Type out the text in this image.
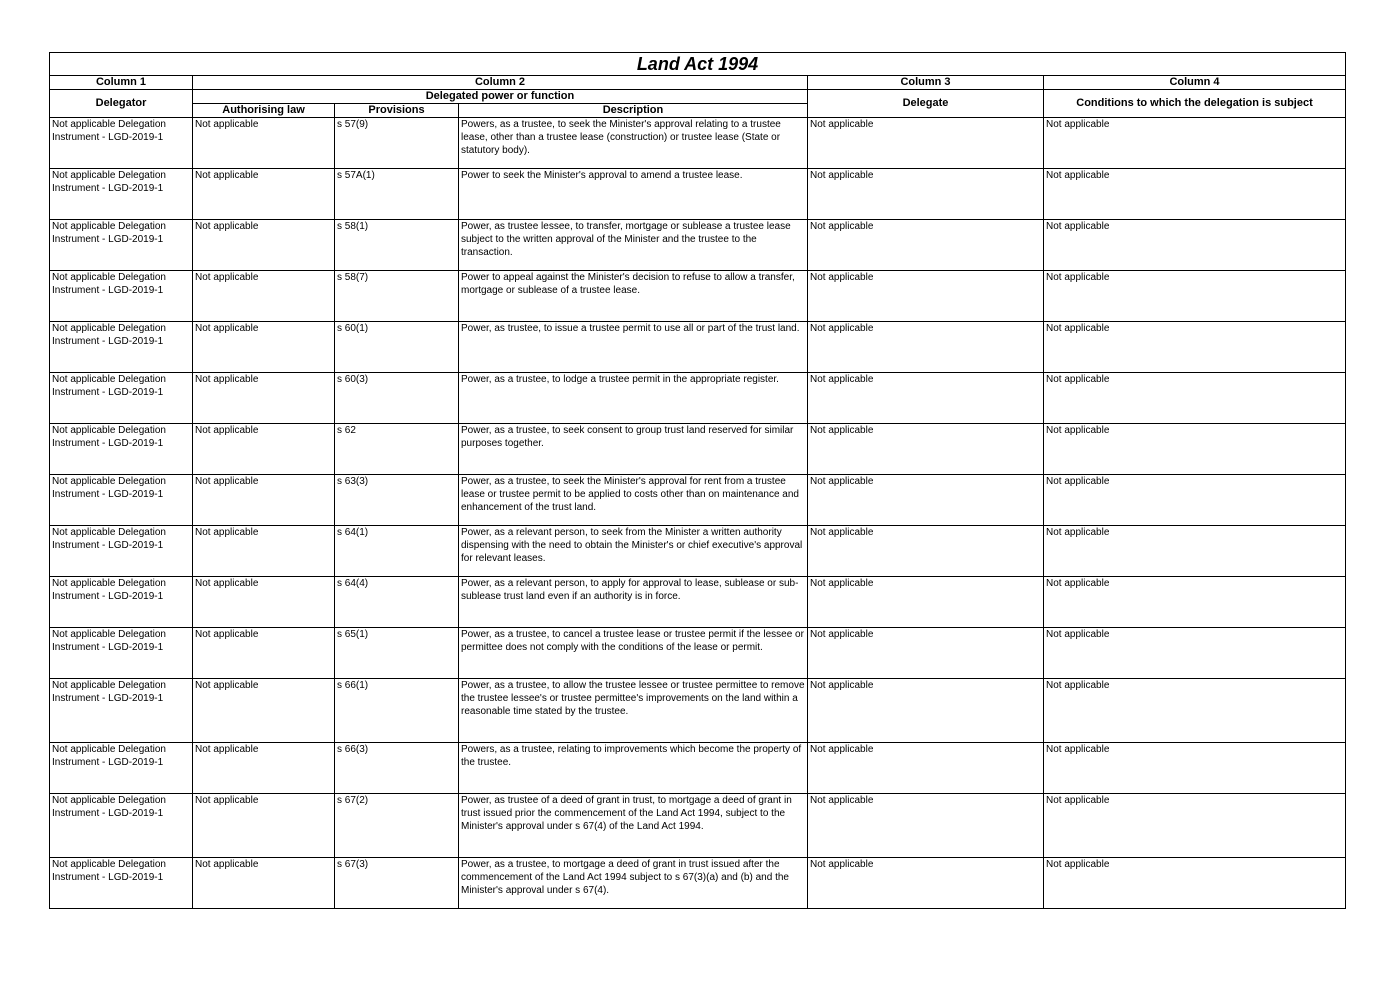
Land Act 1994					
Column 1	Column 2			Column 3	Column 4
Delegator	Delegated power or function			Delegate	Conditions to which the delegation is subject
	Authorising law	Provisions	Description		
Not applicable Delegation Instrument - LGD-2019-1	Not applicable	s 57(9)	Powers, as a trustee, to seek the Minister's approval relating to a trustee lease, other than a trustee lease (construction) or trustee lease (State or statutory body).	Not applicable	Not applicable
Not applicable Delegation Instrument - LGD-2019-1	Not applicable	s 57A(1)	Power to seek the Minister's approval to amend a trustee lease.	Not applicable	Not applicable
Not applicable Delegation Instrument - LGD-2019-1	Not applicable	s 58(1)	Power, as trustee lessee, to transfer, mortgage or sublease a trustee lease subject to the written approval of the Minister and the trustee to the transaction.	Not applicable	Not applicable
Not applicable Delegation Instrument - LGD-2019-1	Not applicable	s 58(7)	Power to appeal against the Minister's decision to refuse to allow a transfer, mortgage or sublease of a trustee lease.	Not applicable	Not applicable
Not applicable Delegation Instrument - LGD-2019-1	Not applicable	s 60(1)	Power, as trustee, to issue a trustee permit to use all or part of the trust land.	Not applicable	Not applicable
Not applicable Delegation Instrument - LGD-2019-1	Not applicable	s 60(3)	Power, as a trustee, to lodge a trustee permit in the appropriate register.	Not applicable	Not applicable
Not applicable Delegation Instrument - LGD-2019-1	Not applicable	s 62	Power, as a trustee, to seek consent to group trust land reserved for similar purposes together.	Not applicable	Not applicable
Not applicable Delegation Instrument - LGD-2019-1	Not applicable	s 63(3)	Power, as a trustee, to seek the Minister's approval for rent from a trustee lease or trustee permit to be applied to costs other than on maintenance and enhancement of the trust land.	Not applicable	Not applicable
Not applicable Delegation Instrument - LGD-2019-1	Not applicable	s 64(1)	Power, as a relevant person, to seek from the Minister a written authority dispensing with the need to obtain the Minister's or chief executive's approval for relevant leases.	Not applicable	Not applicable
Not applicable Delegation Instrument - LGD-2019-1	Not applicable	s 64(4)	Power, as a relevant person, to apply for approval to lease, sublease or sub-sublease trust land even if an authority is in force.	Not applicable	Not applicable
Not applicable Delegation Instrument - LGD-2019-1	Not applicable	s 65(1)	Power, as a trustee, to cancel a trustee lease or trustee permit if the lessee or permittee does not comply with the conditions of the lease or permit.	Not applicable	Not applicable
Not applicable Delegation Instrument - LGD-2019-1	Not applicable	s 66(1)	Power, as a trustee, to allow the trustee lessee or trustee permittee to remove the trustee lessee's or trustee permittee's improvements on the land within a reasonable time stated by the trustee.	Not applicable	Not applicable
Not applicable Delegation Instrument - LGD-2019-1	Not applicable	s 66(3)	Powers, as a trustee, relating to improvements which become the property of the trustee.	Not applicable	Not applicable
Not applicable Delegation Instrument - LGD-2019-1	Not applicable	s 67(2)	Power, as trustee of a deed of grant in trust, to mortgage a deed of grant in trust issued prior the commencement of the Land Act 1994, subject to the Minister's approval under s 67(4) of the Land Act 1994.	Not applicable	Not applicable
Not applicable Delegation Instrument - LGD-2019-1	Not applicable	s 67(3)	Power, as a trustee, to mortgage a deed of grant in trust issued after the commencement of the Land Act 1994 subject to s 67(3)(a) and (b) and the Minister's approval under s 67(4).	Not applicable	Not applicable
